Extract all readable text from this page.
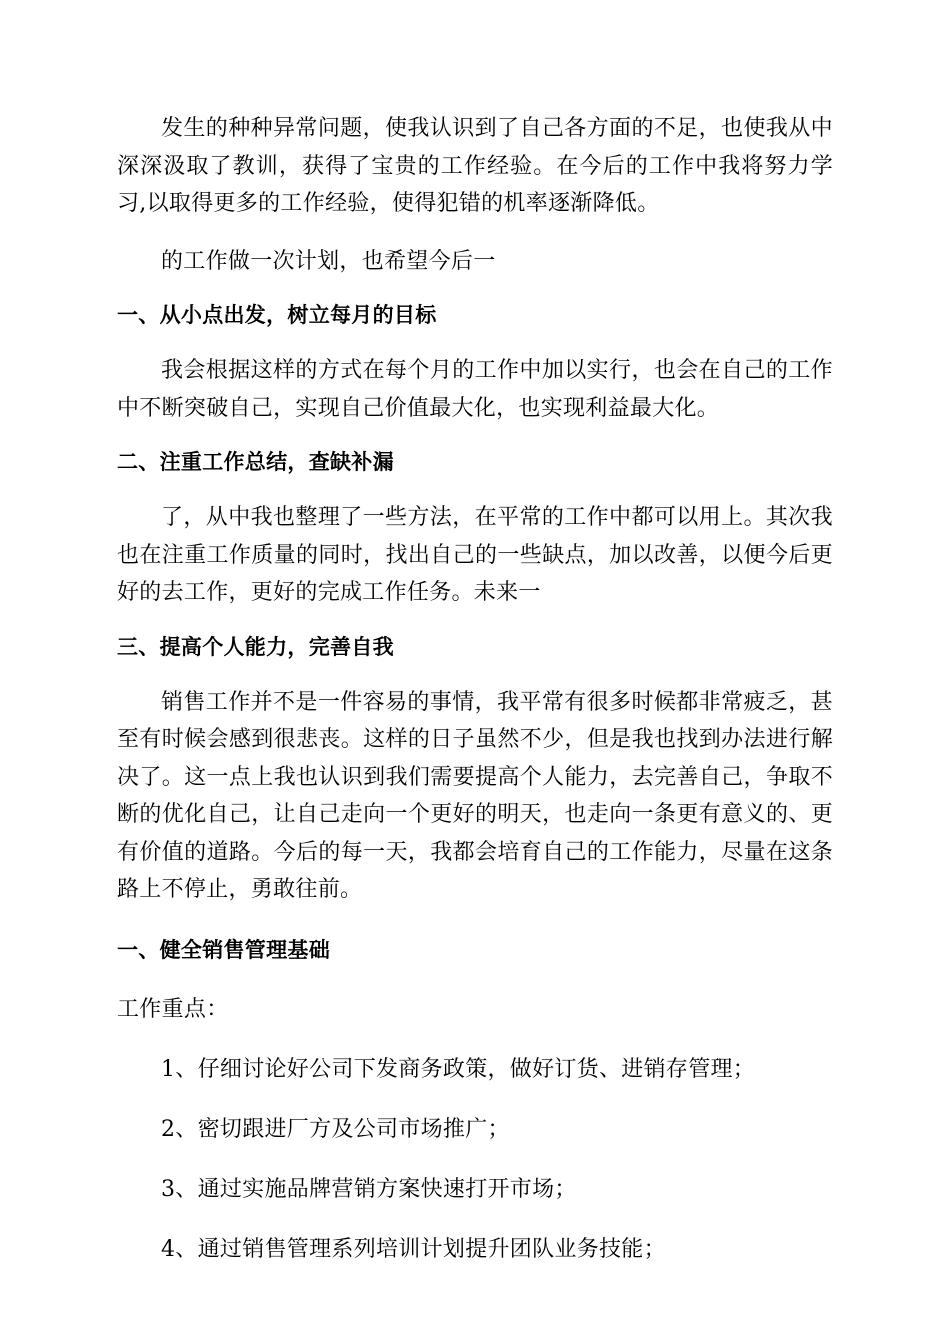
发生的种种异常问题，使我认识到了自己各方面的不足，也使我从中深深汲取了教训，获得了宝贵的工作经验。在今后的工作中我将努力学习,以取得更多的工作经验，使得犯错的机率逐渐降低。

的工作做一次计划，也希望今后一

一、从小点出发，树立每月的目标

我会根据这样的方式在每个月的工作中加以实行，也会在自己的工作中不断突破自己，实现自己价值最大化，也实现利益最大化。

二、注重工作总结，查缺补漏

了，从中我也整理了一些方法，在平常的工作中都可以用上。其次我也在注重工作质量的同时，找出自己的一些缺点，加以改善，以便今后更好的去工作，更好的完成工作任务。未来一

三、提高个人能力，完善自我

销售工作并不是一件容易的事情，我平常有很多时候都非常疲乏，甚至有时候会感到很悲丧。这样的日子虽然不少，但是我也找到办法进行解决了。这一点上我也认识到我们需要提高个人能力，去完善自己，争取不断的优化自己，让自己走向一个更好的明天，也走向一条更有意义的、更有价值的道路。今后的每一天，我都会培育自己的工作能力，尽量在这条路上不停止，勇敢往前。

一、健全销售管理基础

工作重点：

1、仔细讨论好公司下发商务政策，做好订货、进销存管理；

2、密切跟进厂方及公司市场推广；

3、通过实施品牌营销方案快速打开市场；

4、通过销售管理系列培训计划提升团队业务技能；
